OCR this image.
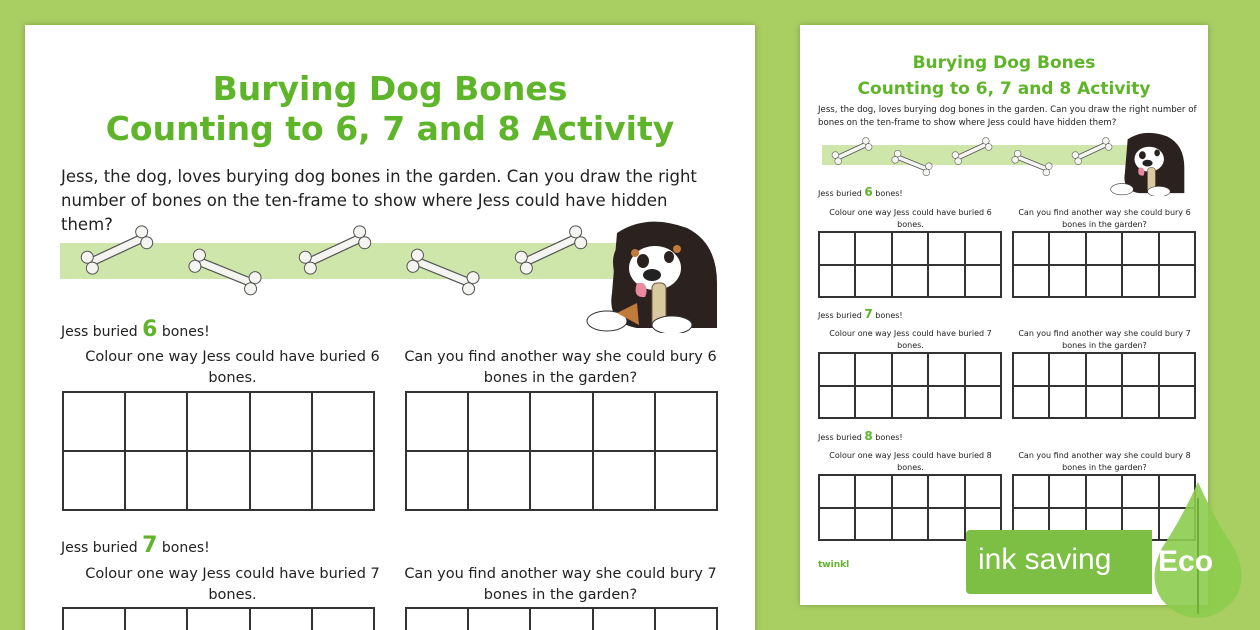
Burying Dog Bones
Counting to 6, 7 and 8 Activity
Jess, the dog, loves burying dog bones in the garden. Can you draw the right number of bones on the ten-frame to show where Jess could have hidden them?
Jess buried 6 bones!
Colour one way Jess could have buried 6 bones.
Can you find another way she could bury 6 bones in the garden?
Jess buried 7 bones!
Colour one way Jess could have buried 7 bones.
Can you find another way she could bury 7 bones in the garden?
Burying Dog Bones
Counting to 6, 7 and 8 Activity
Jess, the dog, loves burying dog bones in the garden. Can you draw the right number of bones on the ten-frame to show where Jess could have hidden them?
Jess buried 6 bones!
Colour one way Jess could have buried 6 bones.
Can you find another way she could bury 6 bones in the garden?
Jess buried 7 bones!
Colour one way Jess could have buried 7 bones.
Can you find another way she could bury 7 bones in the garden?
Jess buried 8 bones!
Colour one way Jess could have buried 8 bones.
Can you find another way she could bury 8 bones in the garden?
twinkl	ink saving Eco
